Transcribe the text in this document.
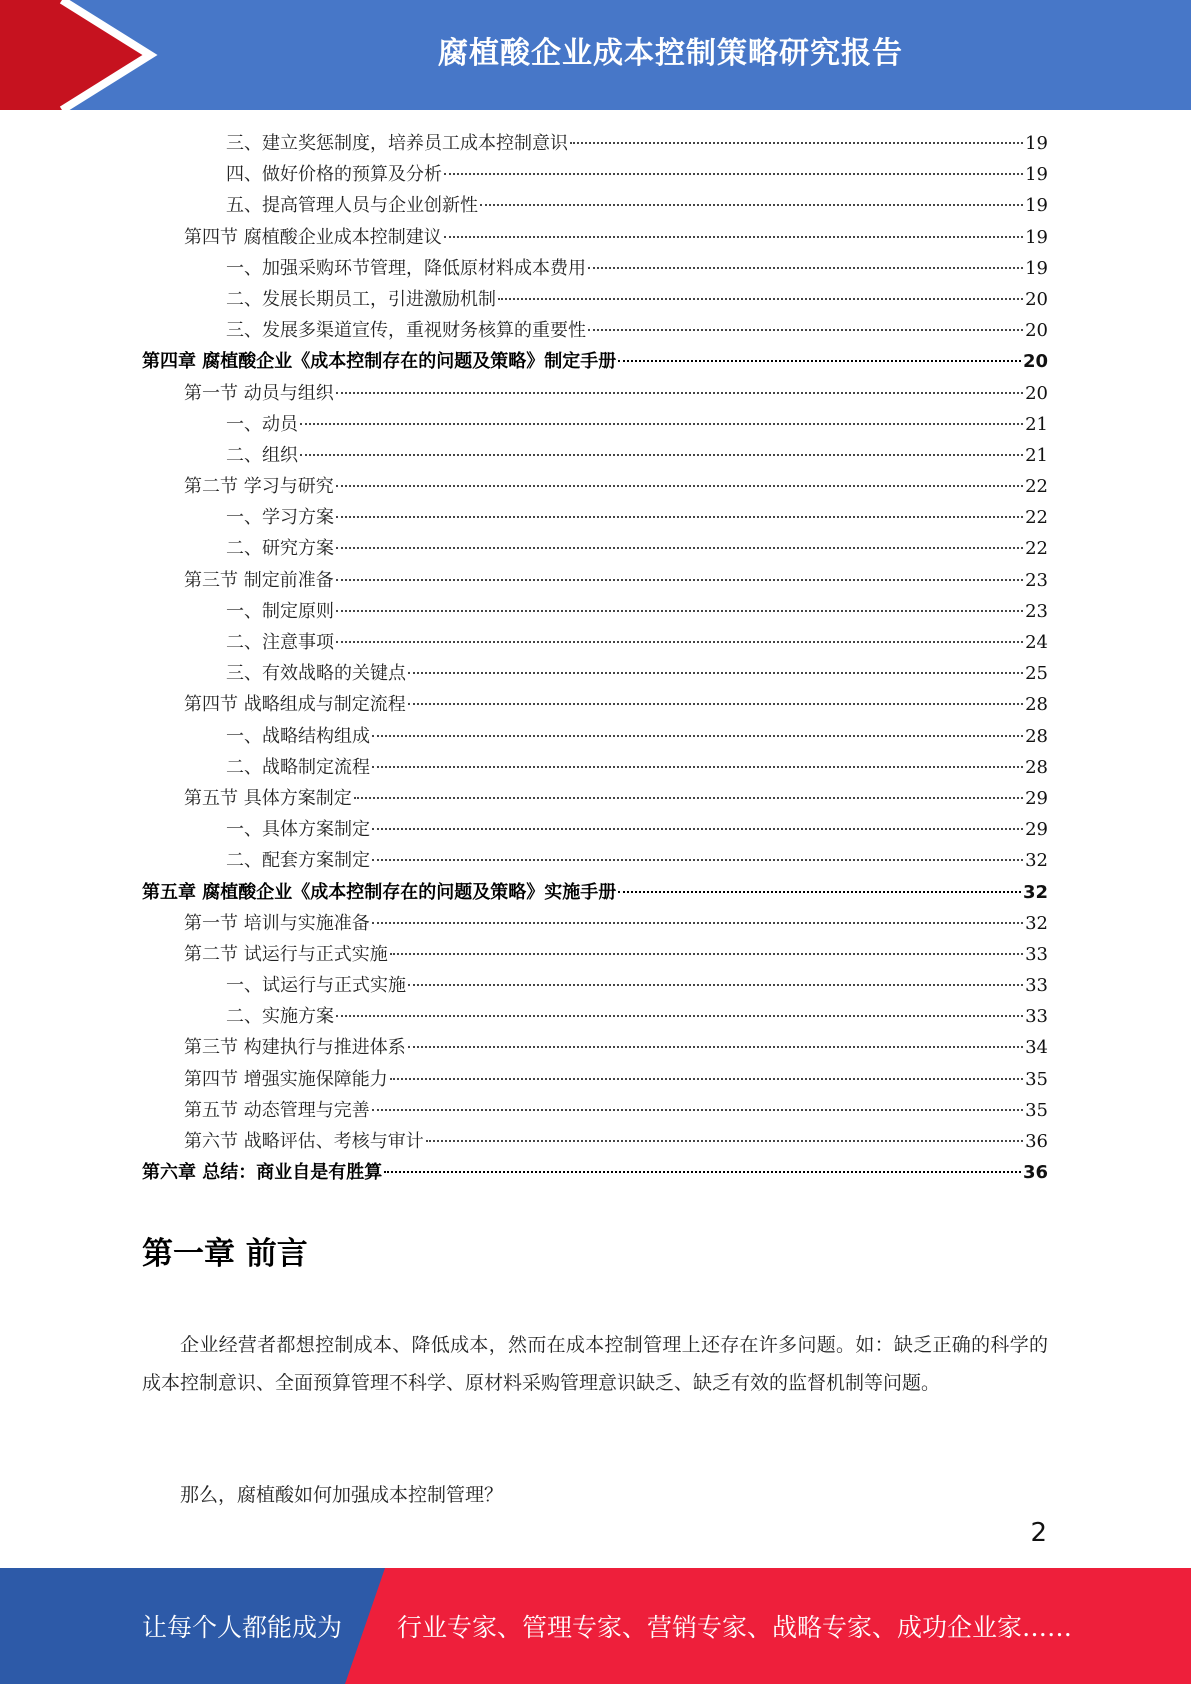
腐植酸企业成本控制策略研究报告
三、建立奖惩制度，培养员工成本控制意识	19
四、做好价格的预算及分析	19
五、提高管理人员与企业创新性	19
第四节 腐植酸企业成本控制建议	19
一、加强采购环节管理，降低原材料成本费用	19
二、发展长期员工，引进激励机制	20
三、发展多渠道宣传，重视财务核算的重要性	20
第四章 腐植酸企业《成本控制存在的问题及策略》制定手册	20
第一节 动员与组织	20
一、动员	21
二、组织	21
第二节 学习与研究	22
一、学习方案	22
二、研究方案	22
第三节 制定前准备	23
一、制定原则	23
二、注意事项	24
三、有效战略的关键点	25
第四节 战略组成与制定流程	28
一、战略结构组成	28
二、战略制定流程	28
第五节 具体方案制定	29
一、具体方案制定	29
二、配套方案制定	32
第五章 腐植酸企业《成本控制存在的问题及策略》实施手册	32
第一节 培训与实施准备	32
第二节 试运行与正式实施	33
一、试运行与正式实施	33
二、实施方案	33
第三节 构建执行与推进体系	34
第四节 增强实施保障能力	35
第五节 动态管理与完善	35
第六节 战略评估、考核与审计	36
第六章 总结：商业自是有胜算	36
第一章 前言

企业经营者都想控制成本、降低成本，然而在成本控制管理上还存在许多问题。如：缺乏正确的科学的成本控制意识、全面预算管理不科学、原材料采购管理意识缺乏、缺乏有效的监督机制等问题。

那么，腐植酸如何加强成本控制管理？

2
让每个人都能成为 行业专家、管理专家、营销专家、战略专家、成功企业家……
